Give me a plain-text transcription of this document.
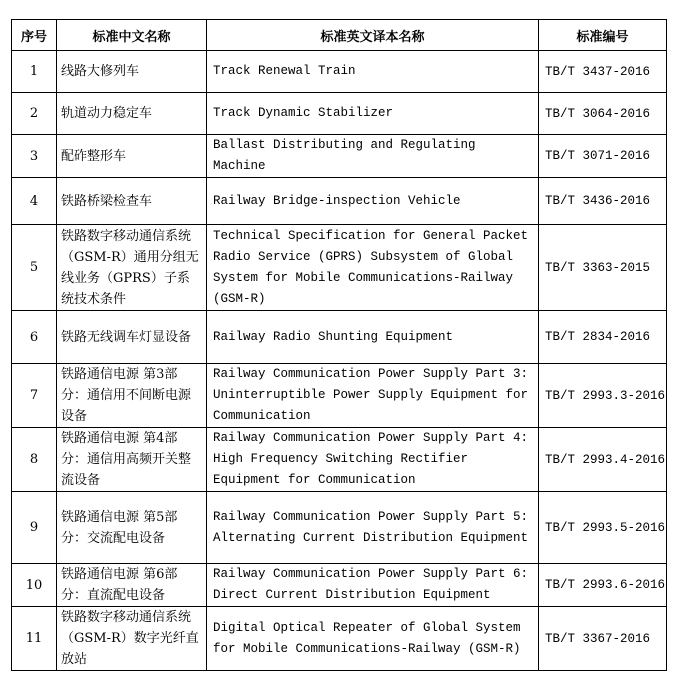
序号	标准中文名称	标准英文译本名称	标准编号
1	线路大修列车	Track Renewal Train	TB/T 3437-2016
2	轨道动力稳定车	Track Dynamic Stabilizer	TB/T 3064-2016
3	配砟整形车	Ballast Distributing and Regulating Machine	TB/T 3071-2016
4	铁路桥梁检查车	Railway Bridge-inspection Vehicle	TB/T 3436-2016
5	铁路数字移动通信系统（GSM-R）通用分组无线业务（GPRS）子系统技术条件	Technical Specification for General Packet Radio Service (GPRS) Subsystem of Global System for Mobile Communications-Railway (GSM-R)	TB/T 3363-2015
6	铁路无线调车灯显设备	Railway Radio Shunting Equipment	TB/T 2834-2016
7	铁路通信电源 第3部分：通信用不间断电源设备	Railway Communication Power Supply Part 3: Uninterruptible Power Supply Equipment for Communication	TB/T 2993.3-2016
8	铁路通信电源 第4部分：通信用高频开关整流设备	Railway Communication Power Supply Part 4: High Frequency Switching Rectifier Equipment for Communication	TB/T 2993.4-2016
9	铁路通信电源 第5部分：交流配电设备	Railway Communication Power Supply Part 5: Alternating Current Distribution Equipment	TB/T 2993.5-2016
10	铁路通信电源 第6部分：直流配电设备	Railway Communication Power Supply Part 6: Direct Current Distribution Equipment	TB/T 2993.6-2016
11	铁路数字移动通信系统（GSM-R）数字光纤直放站	Digital Optical Repeater of Global System for Mobile Communications-Railway (GSM-R)	TB/T 3367-2016
